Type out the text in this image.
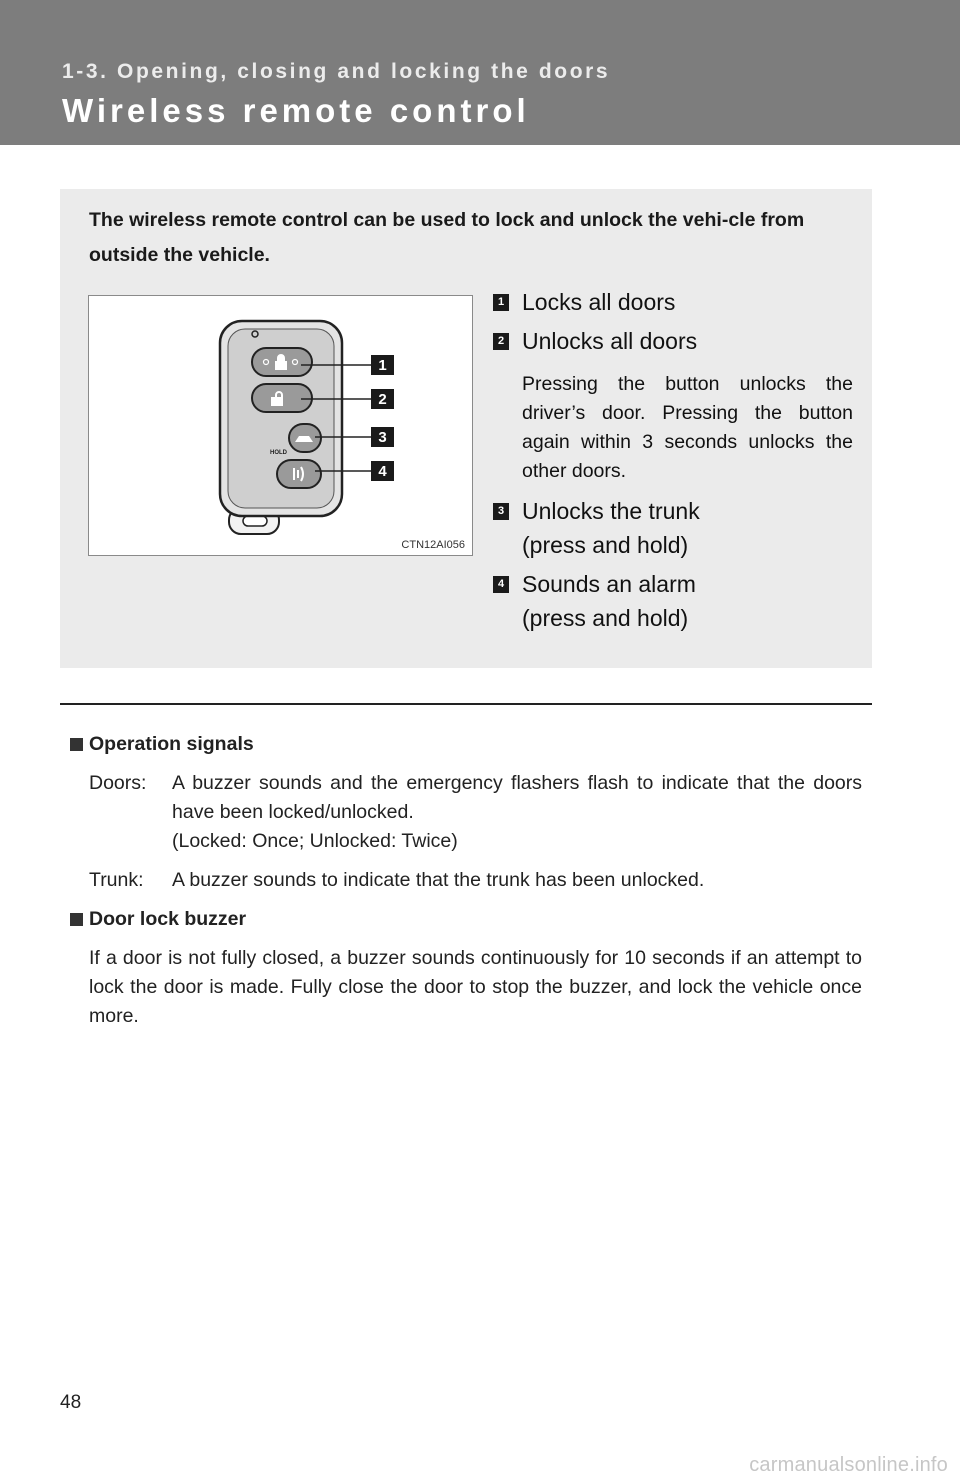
1-3. Opening, closing and locking the doors
Wireless remote control
The wireless remote control can be used to lock and unlock the vehi-cle from outside the vehicle.
HOLD
1
2
3
4
CTN12AI056
1 Locks all doors
2 Unlocks all doors
Pressing the button unlocks the driver’s door. Pressing the button again within 3 seconds unlocks the other doors.
3 Unlocks the trunk
(press and hold)
4 Sounds an alarm
(press and hold)
Operation signals
Doors:	A buzzer sounds and the emergency flashers flash to indicate that the doors have been locked/unlocked.
(Locked: Once; Unlocked: Twice)
Trunk:	A buzzer sounds to indicate that the trunk has been unlocked.
Door lock buzzer
If a door is not fully closed, a buzzer sounds continuously for 10 seconds if an attempt to lock the door is made. Fully close the door to stop the buzzer, and lock the vehicle once more.
48
carmanualsonline.info
